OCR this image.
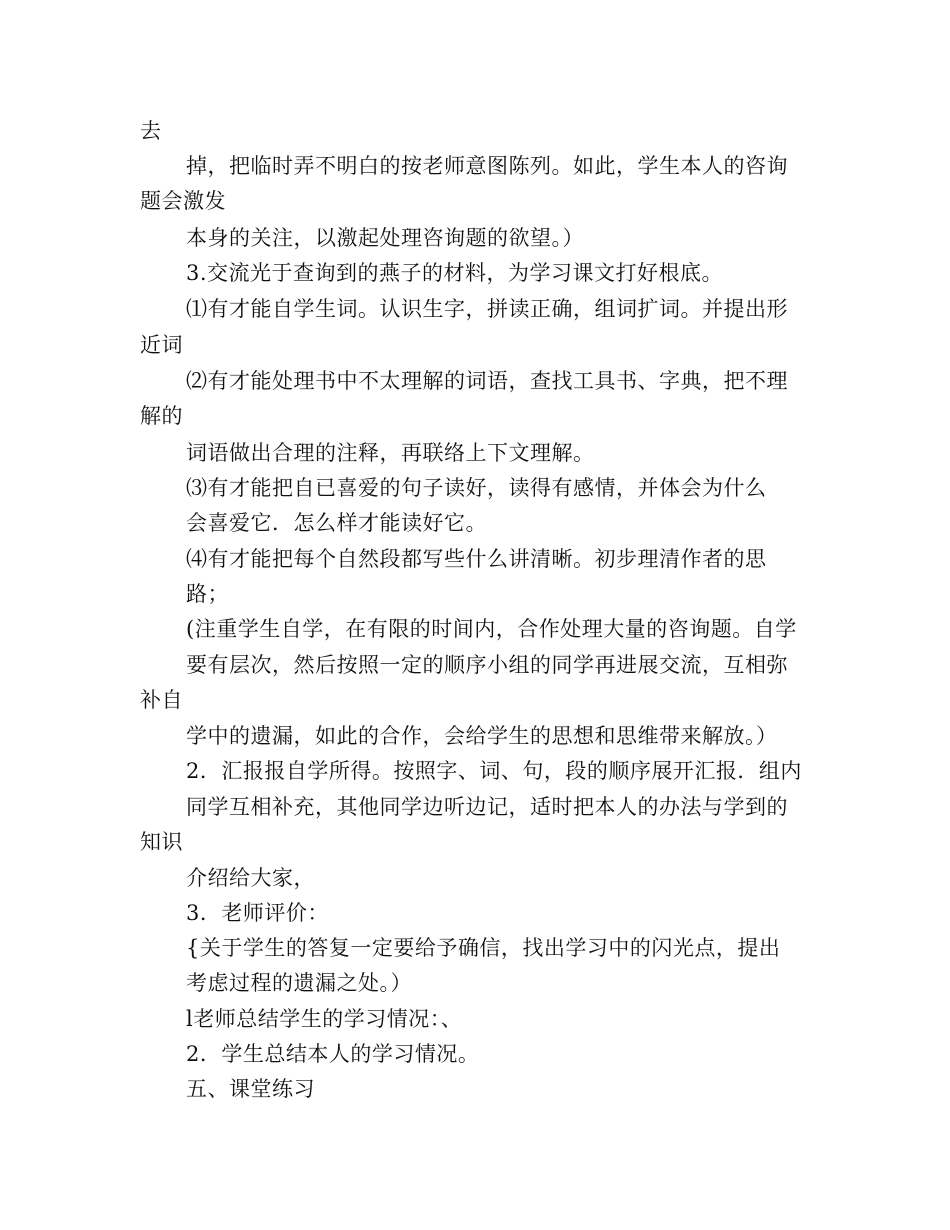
去
掉，把临时弄不明白的按老师意图陈列。如此，学生本人的咨询
题会激发
本身的关注，以激起处理咨询题的欲望。）
3.交流光于查询到的燕子的材料，为学习课文打好根底。
⑴有才能自学生词。认识生字，拼读正确，组词扩词。并提出形
近词
⑵有才能处理书中不太理解的词语，查找工具书、字典，把不理
解的
词语做出合理的注释，再联络上下文理解。
⑶有才能把自已喜爱的句子读好，读得有感情，并体会为什么
会喜爱它．怎么样才能读好它。
⑷有才能把每个自然段都写些什么讲清晰。初步理清作者的思
路；
(注重学生自学，在有限的时间内，合作处理大量的咨询题。自学
要有层次，然后按照一定的顺序小组的同学再进展交流，互相弥
补自
学中的遗漏，如此的合作，会给学生的思想和思维带来解放。）
2．汇报报自学所得。按照字、词、句，段的顺序展开汇报．组内
同学互相补充，其他同学边听边记，适时把本人的办法与学到的
知识
介绍给大家，
3．老师评价：
{关于学生的答复一定要给予确信，找出学习中的闪光点，提出
考虑过程的遗漏之处。）
l老师总结学生的学习情况：、
2．学生总结本人的学习情况。
五、课堂练习
